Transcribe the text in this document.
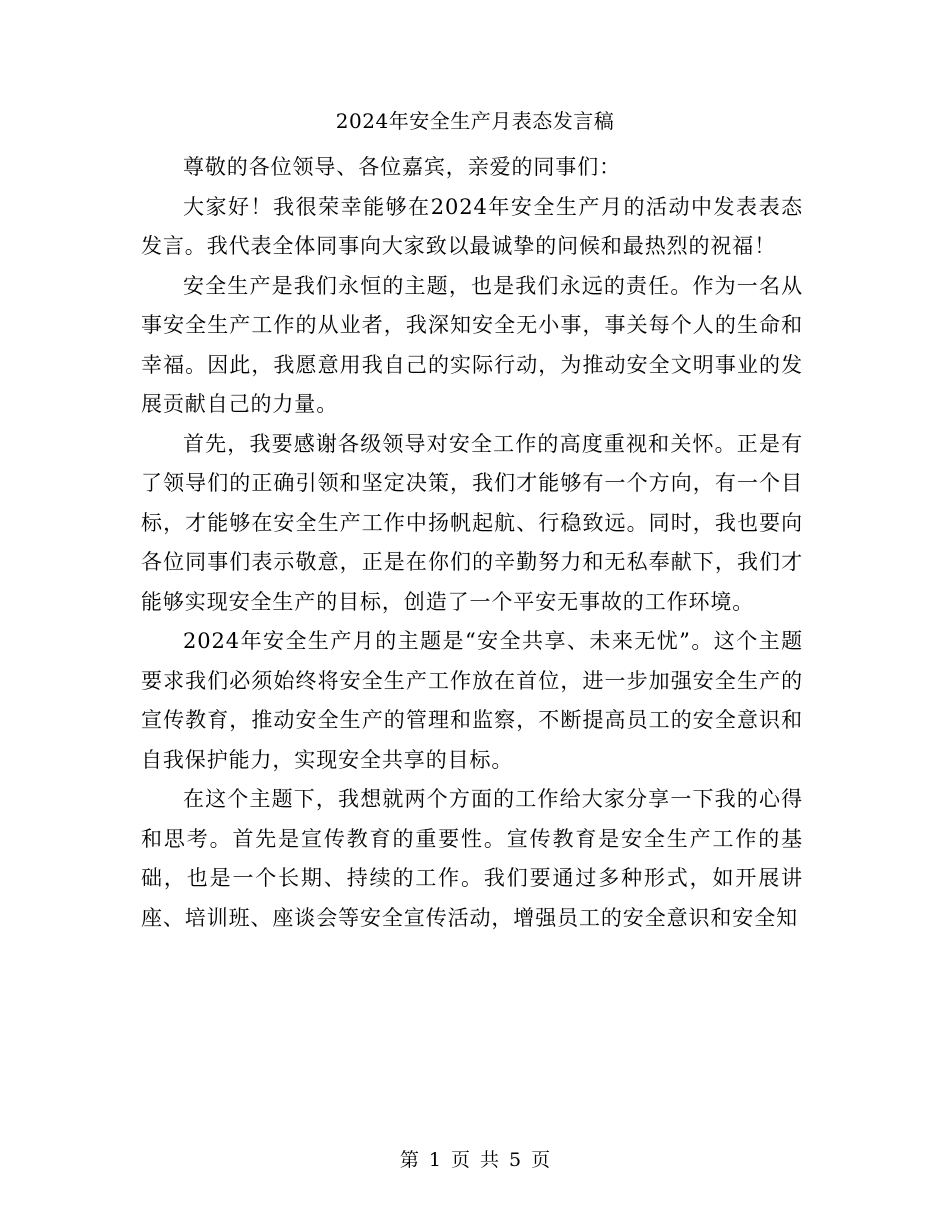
2024年安全生产月表态发言稿

尊敬的各位领导、各位嘉宾，亲爱的同事们：

大家好！我很荣幸能够在2024年安全生产月的活动中发表表态发言。我代表全体同事向大家致以最诚挚的问候和最热烈的祝福！

安全生产是我们永恒的主题，也是我们永远的责任。作为一名从事安全生产工作的从业者，我深知安全无小事，事关每个人的生命和幸福。因此，我愿意用我自己的实际行动，为推动安全文明事业的发展贡献自己的力量。

首先，我要感谢各级领导对安全工作的高度重视和关怀。正是有了领导们的正确引领和坚定决策，我们才能够有一个方向，有一个目标，才能够在安全生产工作中扬帆起航、行稳致远。同时，我也要向各位同事们表示敬意，正是在你们的辛勤努力和无私奉献下，我们才能够实现安全生产的目标，创造了一个平安无事故的工作环境。

2024年安全生产月的主题是“安全共享、未来无忧”。这个主题要求我们必须始终将安全生产工作放在首位，进一步加强安全生产的宣传教育，推动安全生产的管理和监察，不断提高员工的安全意识和自我保护能力，实现安全共享的目标。

在这个主题下，我想就两个方面的工作给大家分享一下我的心得和思考。首先是宣传教育的重要性。宣传教育是安全生产工作的基础，也是一个长期、持续的工作。我们要通过多种形式，如开展讲座、培训班、座谈会等安全宣传活动，增强员工的安全意识和安全知

第 1 页 共 5 页
